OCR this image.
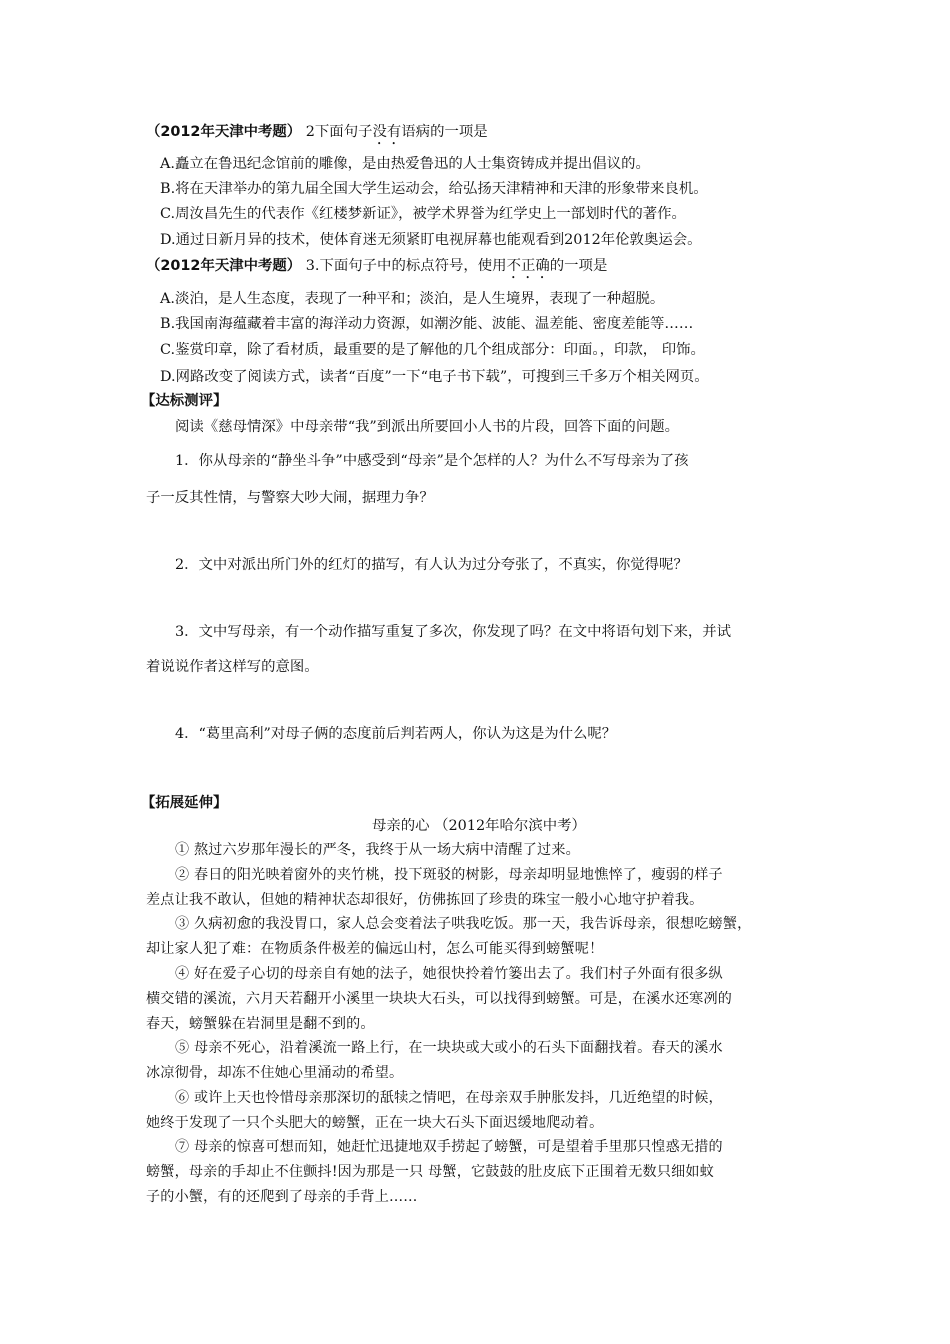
（2012年天津中考题） 2下面句子没有语病的一项是
A.矗立在鲁迅纪念馆前的雕像，是由热爱鲁迅的人士集资铸成并提出倡议的。
B.将在天津举办的第九届全国大学生运动会，给弘扬天津精神和天津的形象带来良机。
C.周汝昌先生的代表作《红楼梦新证》，被学术界誉为红学史上一部划时代的著作。
D.通过日新月异的技术，使体育迷无须紧盯电视屏幕也能观看到2012年伦敦奥运会。
（2012年天津中考题） 3.下面句子中的标点符号，使用不正确的一项是
A.淡泊，是人生态度，表现了一种平和；淡泊，是人生境界，表现了一种超脱。
B.我国南海蕴藏着丰富的海洋动力资源，如潮汐能、波能、温差能、密度差能等……
C.鉴赏印章，除了看材质，最重要的是了解他的几个组成部分：印面。，印款， 印饰。
D.网路改变了阅读方式，读者“百度”一下“电子书下载”，可搜到三千多万个相关网页。
【达标测评】
阅读《慈母情深》中母亲带“我”到派出所要回小人书的片段，回答下面的问题。
1．你从母亲的“静坐斗争”中感受到“母亲”是个怎样的人？为什么不写母亲为了孩
子一反其性情，与警察大吵大闹，据理力争？
2．文中对派出所门外的红灯的描写，有人认为过分夸张了，不真实，你觉得呢？
3．文中写母亲，有一个动作描写重复了多次，你发现了吗？在文中将语句划下来，并试
着说说作者这样写的意图。
4．“葛里高利”对母子俩的态度前后判若两人，你认为这是为什么呢？
【拓展延伸】
母亲的心 （2012年哈尔滨中考）
① 熬过六岁那年漫长的严冬，我终于从一场大病中清醒了过来。
② 春日的阳光映着窗外的夹竹桃，投下斑驳的树影，母亲却明显地憔悴了，瘦弱的样子
差点让我不敢认，但她的精神状态却很好，仿佛拣回了珍贵的珠宝一般小心地守护着我。
③ 久病初愈的我没胃口，家人总会变着法子哄我吃饭。那一天，我告诉母亲，很想吃螃蟹，
却让家人犯了难：在物质条件极差的偏远山村，怎么可能买得到螃蟹呢！
④ 好在爱子心切的母亲自有她的法子，她很快拎着竹篓出去了。我们村子外面有很多纵
横交错的溪流，六月天若翻开小溪里一块块大石头，可以找得到螃蟹。可是，在溪水还寒冽的
春天，螃蟹躲在岩洞里是翻不到的。
⑤ 母亲不死心，沿着溪流一路上行，在一块块或大或小的石头下面翻找着。春天的溪水
冰凉彻骨，却冻不住她心里涌动的希望。
⑥ 或许上天也怜惜母亲那深切的舐犊之情吧，在母亲双手肿胀发抖，几近绝望的时候，
她终于发现了一只个头肥大的螃蟹，正在一块大石头下面迟缓地爬动着。
⑦ 母亲的惊喜可想而知，她赶忙迅捷地双手捞起了螃蟹，可是望着手里那只惶惑无措的
螃蟹，母亲的手却止不住颤抖!因为那是一只 母蟹，它鼓鼓的肚皮底下正围着无数只细如蚊
子的小蟹，有的还爬到了母亲的手背上……
